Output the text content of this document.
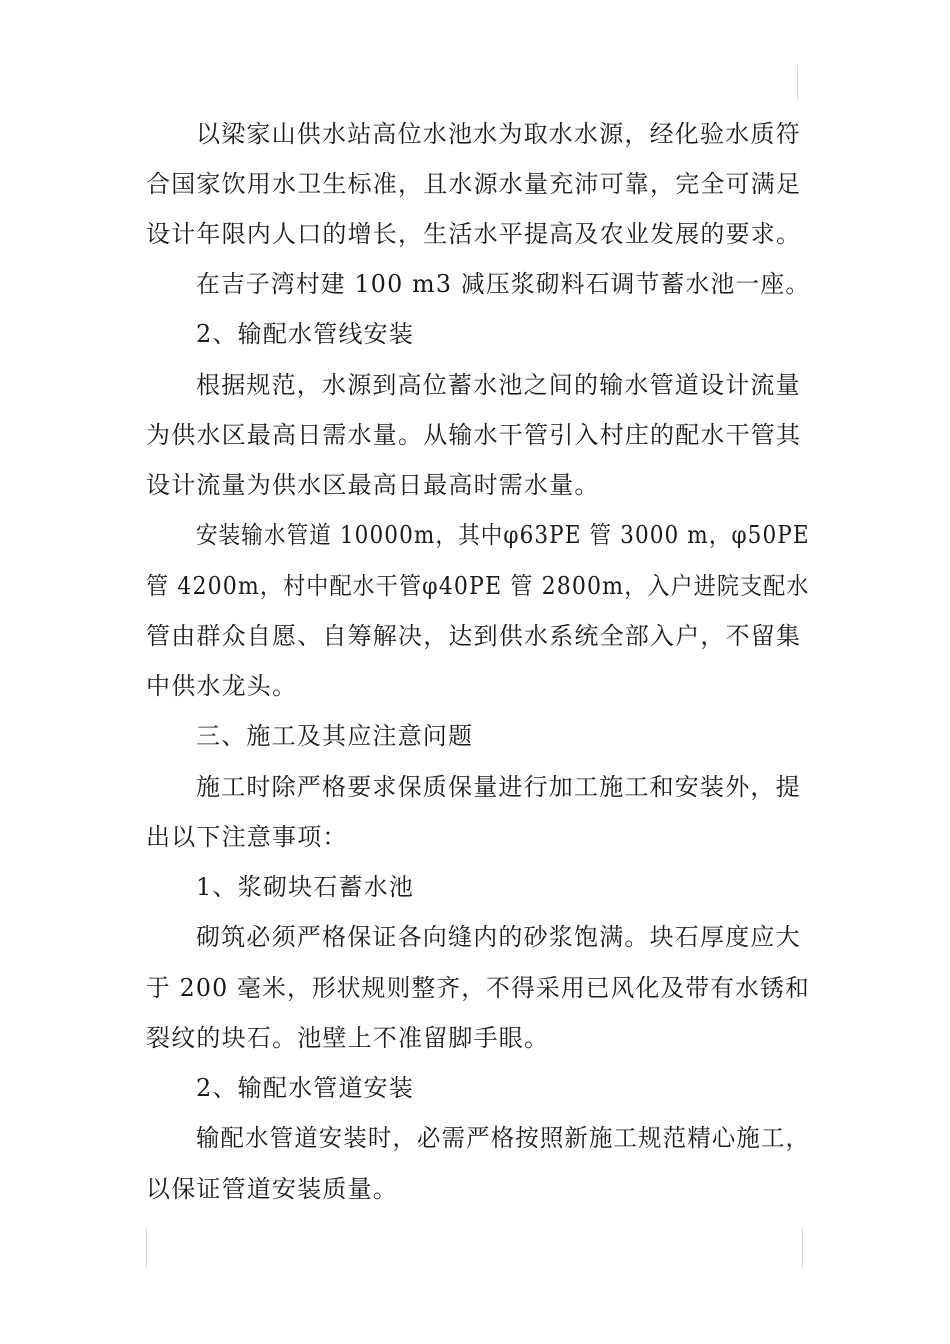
以梁家山供水站高位水池水为取水水源，经化验水质符
合国家饮用水卫生标准，且水源水量充沛可靠，完全可满足
设计年限内人口的增长，生活水平提高及农业发展的要求。
在吉子湾村建 100 m3 减压浆砌料石调节蓄水池一座。
2、输配水管线安装
根据规范，水源到高位蓄水池之间的输水管道设计流量
为供水区最高日需水量。从输水干管引入村庄的配水干管其
设计流量为供水区最高日最高时需水量。
安装输水管道 10000m，其中φ63PE 管 3000 m，φ50PE
管 4200m，村中配水干管φ40PE 管 2800m，入户进院支配水
管由群众自愿、自筹解决，达到供水系统全部入户，不留集
中供水龙头。
三、施工及其应注意问题
施工时除严格要求保质保量进行加工施工和安装外，提
出以下注意事项：
1、浆砌块石蓄水池
砌筑必须严格保证各向缝内的砂浆饱满。块石厚度应大
于 200 毫米，形状规则整齐，不得采用已风化及带有水锈和
裂纹的块石。池壁上不准留脚手眼。
2、输配水管道安装
输配水管道安装时，必需严格按照新施工规范精心施工，
以保证管道安装质量。
